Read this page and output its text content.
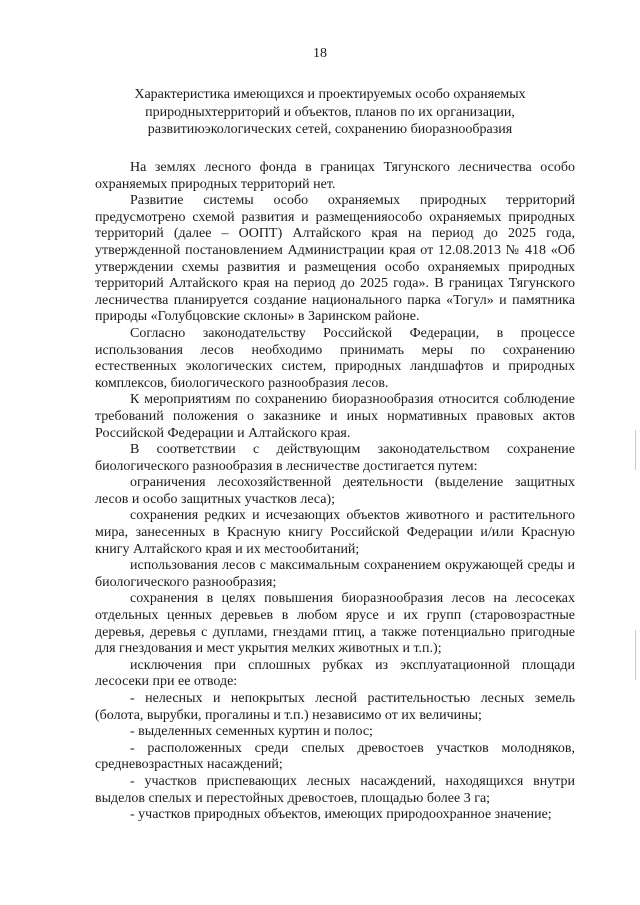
18
Характеристика имеющихся и проектируемых особо охраняемых
природныхтерриторий и объектов, планов по их организации,
развитиюэкологических сетей, сохранению биоразнообразия

На землях лесного фонда в границах Тягунского лесничества особо охраняемых природных территорий нет.

Развитие системы особо охраняемых природных территорий предусмотрено схемой развития и размещенияособо охраняемых природных территорий (далее – ООПТ) Алтайского края на период до 2025 года, утвержденной постановлением Администрации края от 12.08.2013 № 418 «Об утверждении схемы развития и размещения особо охраняемых природных территорий Алтайского края на период до 2025 года». В границах Тягунского лесничества планируется создание национального парка «Тогул» и памятника природы «Голубцовские склоны» в Заринском районе.

Согласно законодательству Российской Федерации, в процессе использования лесов необходимо принимать меры по сохранению естественных экологических систем, природных ландшафтов и природных комплексов, биологического разнообразия лесов.

К мероприятиям по сохранению биоразнообразия относится соблюдение требований положения о заказнике и иных нормативных правовых актов Российской Федерации и Алтайского края.

В соответствии с действующим законодательством сохранение биологического разнообразия в лесничестве достигается путем:

ограничения лесохозяйственной деятельности (выделение защитных лесов и особо защитных участков леса);

сохранения редких и исчезающих объектов животного и растительного мира, занесенных в Красную книгу Российской Федерации и/или Красную книгу Алтайского края и их местообитаний;

использования лесов с максимальным сохранением окружающей среды и биологического разнообразия;

сохранения в целях повышения биоразнообразия лесов на лесосеках отдельных ценных деревьев в любом ярусе и их групп (старовозрастные деревья, деревья с дуплами, гнездами птиц, а также потенциально пригодные для гнездования и мест укрытия мелких животных и т.п.);

исключения при сплошных рубках из эксплуатационной площади лесосеки при ее отводе:

- нелесных и непокрытых лесной растительностью лесных земель (болота, вырубки, прогалины и т.п.) независимо от их величины;

- выделенных семенных куртин и полос;

- расположенных среди спелых древостоев участков молодняков, средневозрастных насаждений;

- участков приспевающих лесных насаждений, находящихся внутри выделов спелых и перестойных древостоев, площадью более 3 га;

- участков природных объектов, имеющих природоохранное значение;
